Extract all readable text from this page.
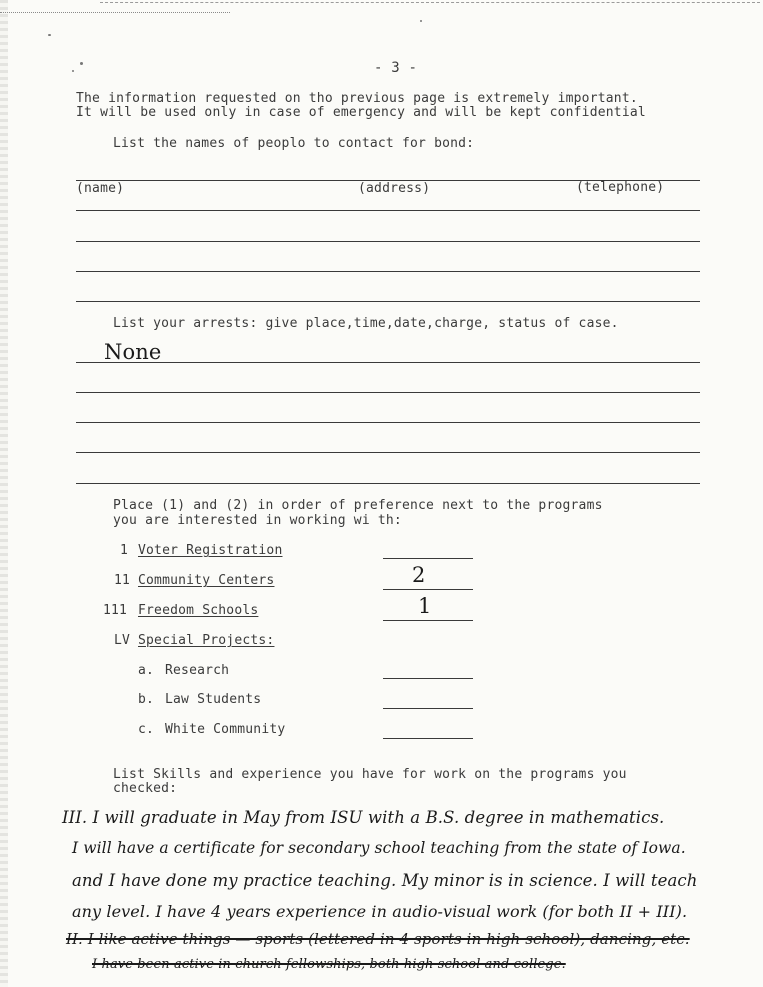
- 3 -
The information requested on tho previous page is extremely important.
It will be used only in case of emergency and will be kept confidential
List the names of peoplo to contact for bond:
(name)	(address)	(telephone)
List your arrests: give place,time,date,charge, status of case.
None
Place (1) and (2) in order of preference next to the programs
you are interested in working wi th:
1 Voter Registration
11 Community Centers	2
111 Freedom Schools	1
LV Special Projects:
a. Research
b. Law Students
c. White Community
List Skills and experience you have for work on the programs you
checked:
III. I will graduate in May from ISU with a B.S. degree in mathematics.
I will have a certificate for secondary school teaching from the state of Iowa.
and I have done my practice teaching. My minor is in science. I will teach
any level. I have 4 years experience in audio-visual work (for both II + III).
II. I like active things — sports (lettered in 4 sports in high school), dancing, etc.
I have been active in church fellowships, both high school and college.
